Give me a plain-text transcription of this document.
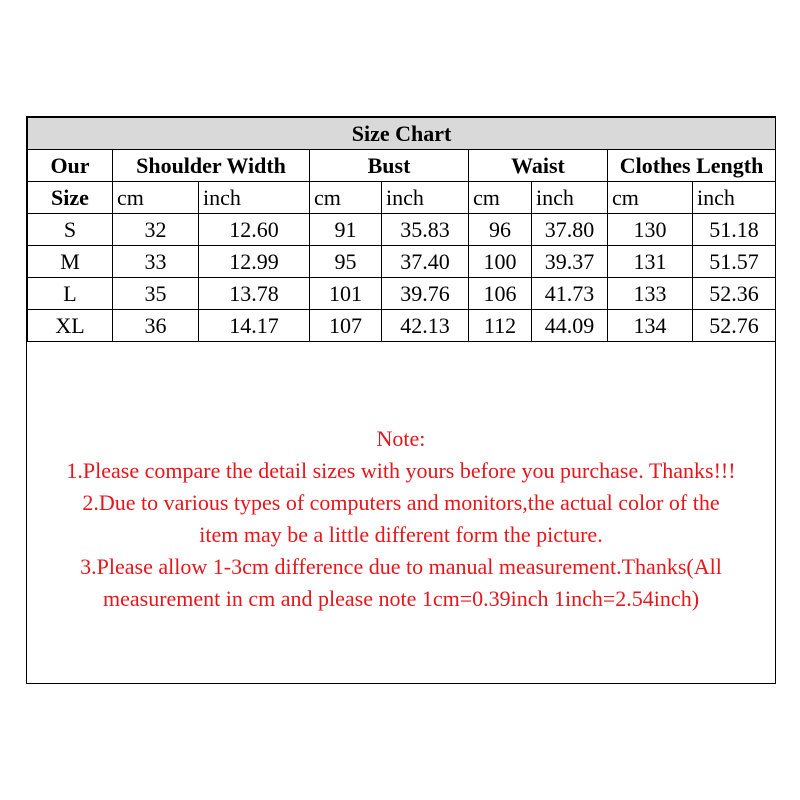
Size Chart								
Our	Shoulder Width		Bust		Waist		Clothes Length	
Size	cm	inch	cm	inch	cm	inch	cm	inch
S	32	12.60	91	35.83	96	37.80	130	51.18
M	33	12.99	95	37.40	100	39.37	131	51.57
L	35	13.78	101	39.76	106	41.73	133	52.36
XL	36	14.17	107	42.13	112	44.09	134	52.76
Note:
1.Please compare the detail sizes with yours before you purchase. Thanks!!!
2.Due to various types of computers and monitors,the actual color of the
item may be a little different form the picture.
3.Please allow 1-3cm difference due to manual measurement.Thanks(All
measurement in cm and please note 1cm=0.39inch 1inch=2.54inch)
